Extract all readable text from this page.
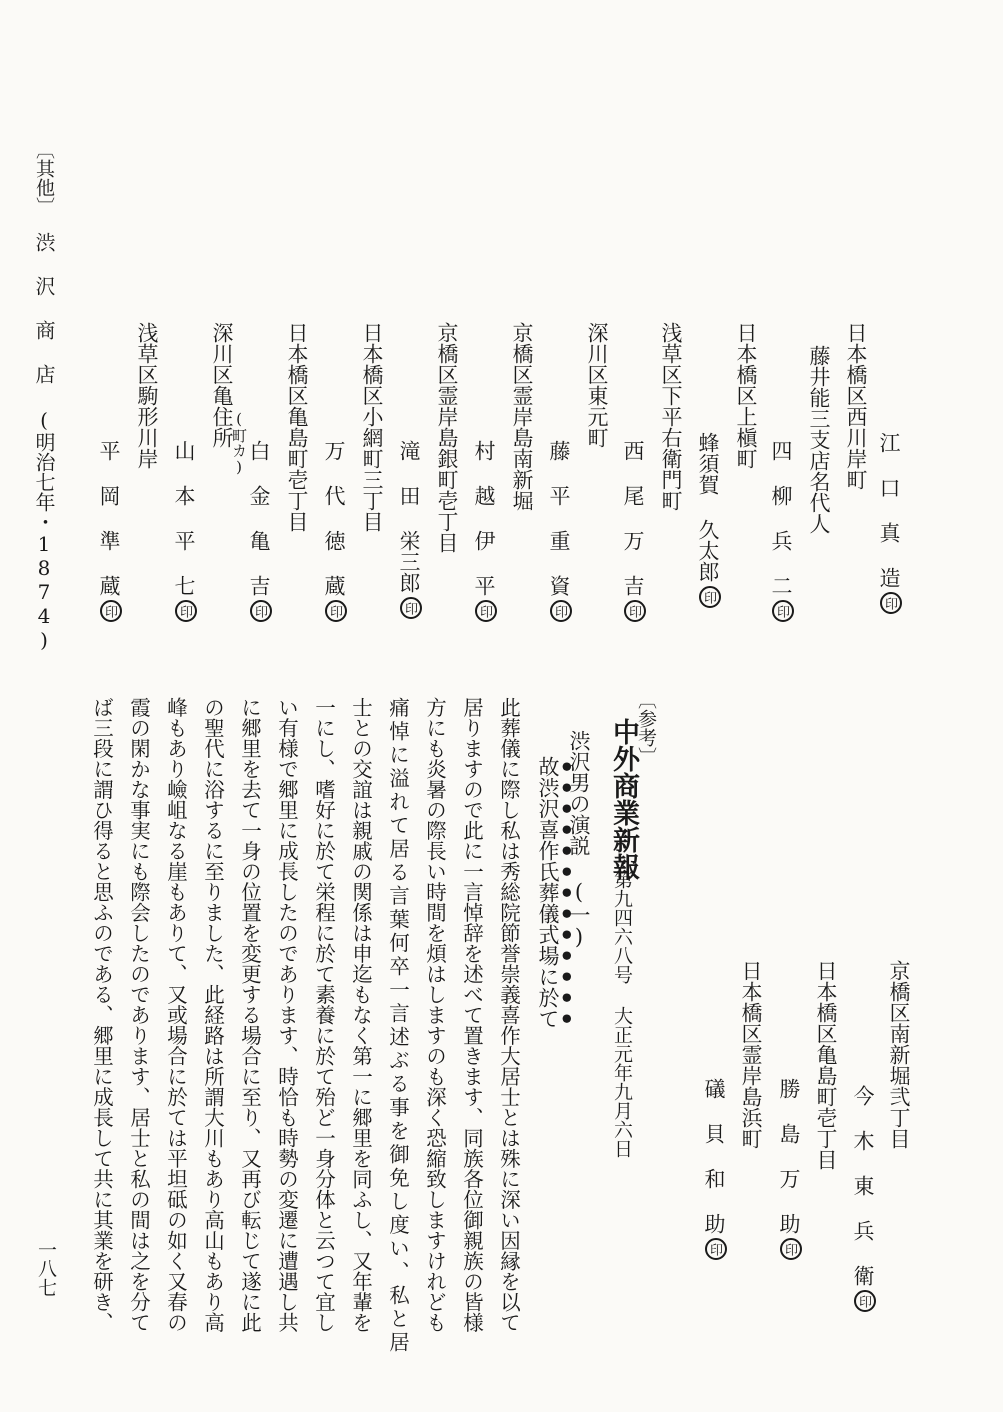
〔其他〕
渋 沢 商 店 (明治七年・1874)	江 口 真 造印
日本橋区西川岸町
藤井能三支店名代人
四 柳 兵 二印
日本橋区上槇町
蜂須賀 久太郎印
浅草区下平右衛門町
西 尾 万 吉印
深川区東元町
藤 平 重 資印
京橋区霊岸島南新堀
村 越 伊 平印
京橋区霊岸島銀町壱丁目
滝 田 栄三郎印
日本橋区小網町三丁目
万 代 徳 蔵印
日本橋区亀島町壱丁目
白 金 亀 吉印
深川区亀住所
(町カ)
山 本 平 七印
浅草区駒形川岸
平 岡 準 蔵印
京橋区南新堀弐丁目
今 木 東 兵 衛印
日本橋区亀島町壱丁目
勝 島 万 助印
日本橋区霊岸島浜町
礒 貝 和 助印
〔参考〕
中外商業新報
第九四六八号 大正元年九月六日
渋沢男の演説 (一)
故渋沢喜作氏葬儀式場に於て
此葬儀に際し私は秀総院節誉崇義喜作大居士とは殊に深い因縁を以て
居りますので此に一言悼辞を述べて置きます、同族各位御親族の皆様
方にも炎暑の際長い時間を煩はしますのも深く恐縮致しますけれども
痛悼に溢れて居る言葉何卒一言述ぶる事を御免し度い、私と居
士との交誼は親戚の関係は申迄もなく第一に郷里を同ふし、又年輩を
一にし、嗜好に於て栄程に於て素養に於て殆ど一身分体と云つて宜し
い有様で郷里に成長したのであります、時恰も時勢の変遷に遭遇し共
に郷里を去て一身の位置を変更する場合に至り、又再び転じて遂に此
の聖代に浴するに至りました、此経路は所謂大川もあり高山もあり高
峰もあり嶮岨なる崖もありて、又或場合に於ては平坦砥の如く又春の
霞の閑かな事実にも際会したのであります、居士と私の間は之を分て
ば三段に謂ひ得ると思ふのである、郷里に成長して共に其業を研き、
一八七
